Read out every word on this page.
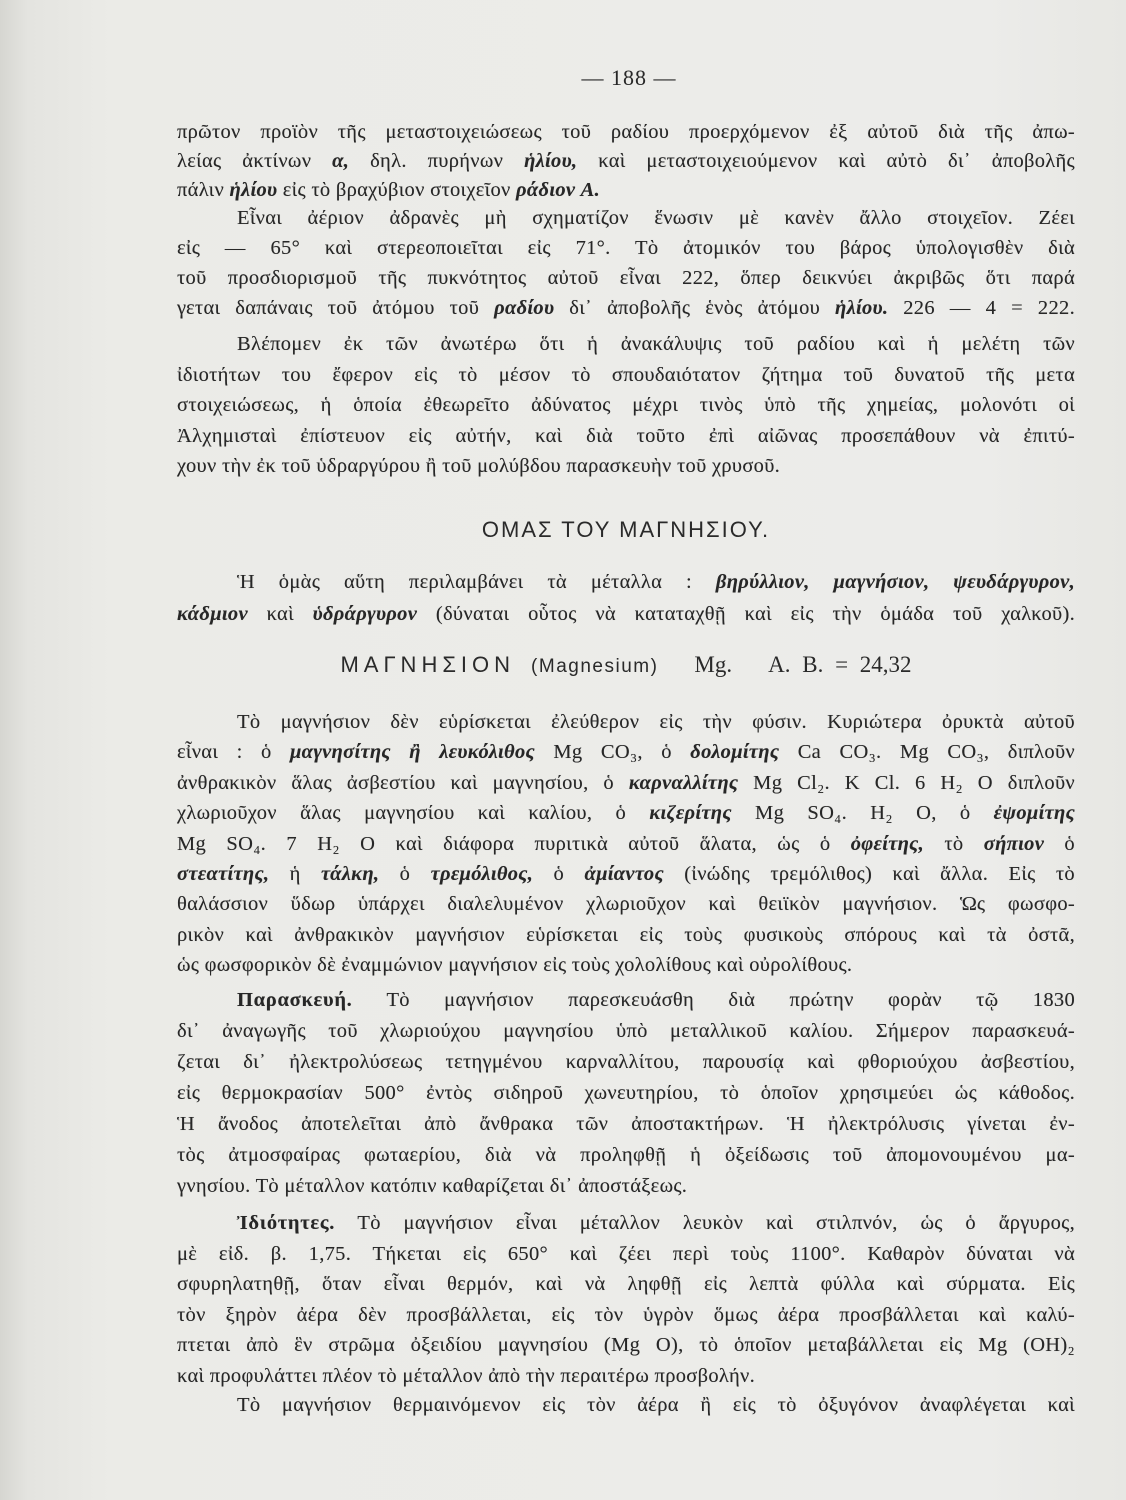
— 188 —
πρῶτον προϊὸν τῆς μεταστοιχειώσεως τοῦ ραδίου προερχόμενον ἐξ αὐτοῦ διὰ τῆς ἀπω-
λείας ἀκτίνων α, δηλ. πυρήνων ἡλίου, καὶ μεταστοιχειούμενον καὶ αὐτὸ δι᾽ ἀποβολῆς
πάλιν ἡλίου εἰς τὸ βραχύβιον στοιχεῖον ράδιον A.
Εἶναι ἀέριον ἀδρανὲς μὴ σχηματίζον ἕνωσιν μὲ κανὲν ἄλλο στοιχεῖον. Ζέει
εἰς — 65° καὶ στερεοποιεῖται εἰς 71°. Τὸ ἀτομικόν του βάρος ὑπολογισθὲν διὰ
τοῦ προσδιορισμοῦ τῆς πυκνότητος αὐτοῦ εἶναι 222, ὅπερ δεικνύει ἀκριβῶς ὅτι παρά
γεται δαπάναις τοῦ ἀτόμου τοῦ ραδίου δι᾽ ἀποβολῆς ἑνὸς ἀτόμου ἡλίου. 226 — 4 = 222.
Βλέπομεν ἐκ τῶν ἀνωτέρω ὅτι ἡ ἀνακάλυψις τοῦ ραδίου καὶ ἡ μελέτη τῶν
ἰδιοτήτων του ἔφερον εἰς τὸ μέσον τὸ σπουδαιότατον ζήτημα τοῦ δυνατοῦ τῆς μετα
στοιχειώσεως, ἡ ὁποία ἐθεωρεῖτο ἀδύνατος μέχρι τινὸς ὑπὸ τῆς χημείας, μολονότι οἱ
Ἀλχημισταὶ ἐπίστευον εἰς αὐτήν, καὶ διὰ τοῦτο ἐπὶ αἰῶνας προσεπάθουν νὰ ἐπιτύ-
χουν τὴν ἐκ τοῦ ὑδραργύρου ἢ τοῦ μολύβδου παρασκευὴν τοῦ χρυσοῦ.
ΟΜΑΣ ΤΟΥ ΜΑΓΝΗΣΙΟΥ.
Ἡ ὁμὰς αὕτη περιλαμβάνει τὰ μέταλλα : βηρύλλιον, μαγνήσιον, ψευδάργυρον,
κάδμιον καὶ ὑδράργυρον (δύναται οὗτος νὰ καταταχθῇ καὶ εἰς τὴν ὁμάδα τοῦ χαλκοῦ).
ΜΑΓΝΗΣΙΟΝ (Magnesium) Mg. Α. Β. = 24,32
Τὸ μαγνήσιον δὲν εὑρίσκεται ἐλεύθερον εἰς τὴν φύσιν. Κυριώτερα ὀρυκτὰ αὐτοῦ
εἶναι : ὁ μαγνησίτης ἢ λευκόλιθος Mg CO₃, ὁ δολομίτης Ca CO₃. Mg CO₃, διπλοῦν
ἀνθρακικὸν ἅλας ἀσβεστίου καὶ μαγνησίου, ὁ καρναλλίτης Mg Cl₂. K Cl. 6 H₂ O διπλοῦν
χλωριοῦχον ἅλας μαγνησίου καὶ καλίου, ὁ κιζερίτης Mg SO₄. H₂ O, ὁ ἐψομίτης
Mg SO₄. 7 H₂ O καὶ διάφορα πυριτικὰ αὐτοῦ ἅλατα, ὡς ὁ ὀφείτης, τὸ σήπιον ὁ
στεατίτης, ἡ τάλκη, ὁ τρεμόλιθος, ὁ ἀμίαντος (ἰνώδης τρεμόλιθος) καὶ ἄλλα. Εἰς τὸ
θαλάσσιον ὕδωρ ὑπάρχει διαλελυμένον χλωριοῦχον καὶ θειϊκὸν μαγνήσιον. Ὡς φωσφο-
ρικὸν καὶ ἀνθρακικὸν μαγνήσιον εὑρίσκεται εἰς τοὺς φυσικοὺς σπόρους καὶ τὰ ὀστᾶ,
ὡς φωσφορικὸν δὲ ἐναμμώνιον μαγνήσιον εἰς τοὺς χολολίθους καὶ οὐρολίθους.
Παρασκευή. Τὸ μαγνήσιον παρεσκευάσθη διὰ πρώτην φορὰν τῷ 1830
δι᾽ ἀναγωγῆς τοῦ χλωριούχου μαγνησίου ὑπὸ μεταλλικοῦ καλίου. Σήμερον παρασκευά-
ζεται δι᾽ ἠλεκτρολύσεως τετηγμένου καρναλλίτου, παρουσίᾳ καὶ φθοριούχου ἀσβεστίου,
εἰς θερμοκρασίαν 500° ἐντὸς σιδηροῦ χωνευτηρίου, τὸ ὁποῖον χρησιμεύει ὡς κάθοδος.
Ἡ ἄνοδος ἀποτελεῖται ἀπὸ ἄνθρακα τῶν ἀποστακτήρων. Ἡ ἠλεκτρόλυσις γίνεται ἐν-
τὸς ἀτμοσφαίρας φωταερίου, διὰ νὰ προληφθῇ ἡ ὀξείδωσις τοῦ ἀπομονουμένου μα-
γνησίου. Τὸ μέταλλον κατόπιν καθαρίζεται δι᾽ ἀποστάξεως.
Ἰδιότητες. Τὸ μαγνήσιον εἶναι μέταλλον λευκὸν καὶ στιλπνόν, ὡς ὁ ἄργυρος,
μὲ εἰδ. β. 1,75. Τήκεται εἰς 650° καὶ ζέει περὶ τοὺς 1100°. Καθαρὸν δύναται νὰ
σφυρηλατηθῇ, ὅταν εἶναι θερμόν, καὶ νὰ ληφθῇ εἰς λεπτὰ φύλλα καὶ σύρματα. Εἰς
τὸν ξηρὸν ἀέρα δὲν προσβάλλεται, εἰς τὸν ὑγρὸν ὅμως ἀέρα προσβάλλεται καὶ καλύ-
πτεται ἀπὸ ἓν στρῶμα ὀξειδίου μαγνησίου (Mg O), τὸ ὁποῖον μεταβάλλεται εἰς Mg (OH)₂
καὶ προφυλάττει πλέον τὸ μέταλλον ἀπὸ τὴν περαιτέρω προσβολήν.
Τὸ μαγνήσιον θερμαινόμενον εἰς τὸν ἀέρα ἢ εἰς τὸ ὀξυγόνον ἀναφλέγεται καὶ
